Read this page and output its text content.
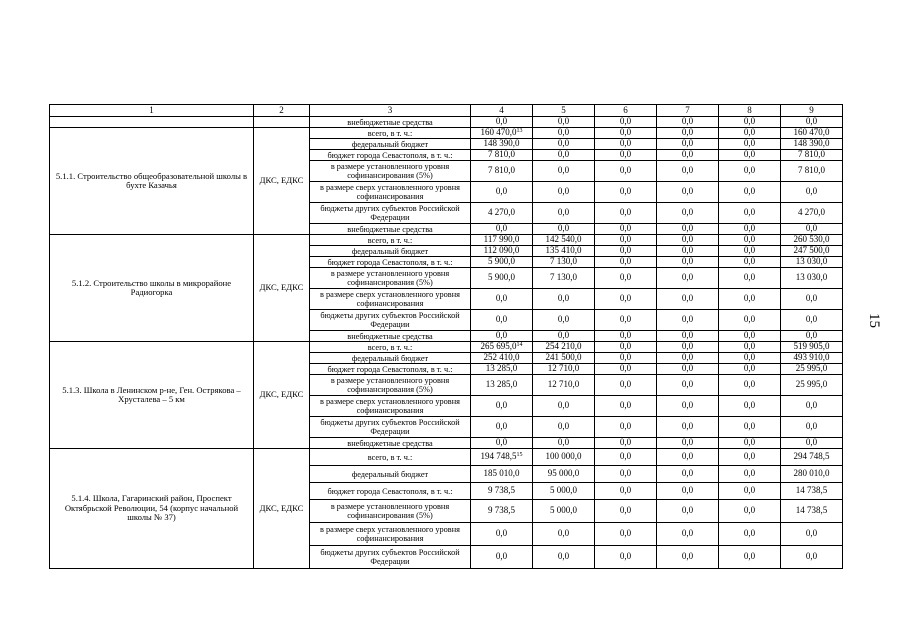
15
1	2	3	4	5	6	7	8	9
		внебюджетные средства	0,0	0,0	0,0	0,0	0,0	0,0
5.1.1. Строительство общеобразовательной школы в бухте Казачья	ДКС, ЕДКС	всего, в т. ч.:	160 470,0$^{13}$	0,0	0,0	0,0	0,0	160 470,0
		федеральный бюджет	148 390,0	0,0	0,0	0,0	0,0	148 390,0
		бюджет города Севастополя, в т. ч.:	7 810,0	0,0	0,0	0,0	0,0	7 810,0
		в размере установленного уровня софинансирования (5%)	7 810,0	0,0	0,0	0,0	0,0	7 810,0
		в размере сверх установленного уровня софинансирования	0,0	0,0	0,0	0,0	0,0	0,0
		бюджеты других субъектов Российской Федерации	4 270,0	0,0	0,0	0,0	0,0	4 270,0
		внебюджетные средства	0,0	0,0	0,0	0,0	0,0	0,0
5.1.2. Строительство школы в микрорайоне Радиогорка	ДКС, ЕДКС	всего, в т. ч.:	117 990,0	142 540,0	0,0	0,0	0,0	260 530,0
		федеральный бюджет	112 090,0	135 410,0	0,0	0,0	0,0	247 500,0
		бюджет города Севастополя, в т. ч.:	5 900,0	7 130,0	0,0	0,0	0,0	13 030,0
		в размере установленного уровня софинансирования (5%)	5 900,0	7 130,0	0,0	0,0	0,0	13 030,0
		в размере сверх установленного уровня софинансирования	0,0	0,0	0,0	0,0	0,0	0,0
		бюджеты других субъектов Российской Федерации	0,0	0,0	0,0	0,0	0,0	0,0
		внебюджетные средства	0,0	0,0	0,0	0,0	0,0	0,0
5.1.3. Школа в Ленинском р-не, Ген. Острякова – Хрусталева – 5 км	ДКС, ЕДКС	всего, в т. ч.:	265 695,0$^{14}$	254 210,0	0,0	0,0	0,0	519 905,0
		федеральный бюджет	252 410,0	241 500,0	0,0	0,0	0,0	493 910,0
		бюджет города Севастополя, в т. ч.:	13 285,0	12 710,0	0,0	0,0	0,0	25 995,0
		в размере установленного уровня софинансирования (5%)	13 285,0	12 710,0	0,0	0,0	0,0	25 995,0
		в размере сверх установленного уровня софинансирования	0,0	0,0	0,0	0,0	0,0	0,0
		бюджеты других субъектов Российской Федерации	0,0	0,0	0,0	0,0	0,0	0,0
		внебюджетные средства	0,0	0,0	0,0	0,0	0,0	0,0
5.1.4. Школа, Гагаринский район, Проспект Октябрьской Революции, 54 (корпус начальной школы № 37)	ДКС, ЕДКС	всего, в т. ч.:	194 748,5$^{15}$	100 000,0	0,0	0,0	0,0	294 748,5
		федеральный бюджет	185 010,0	95 000,0	0,0	0,0	0,0	280 010,0
		бюджет города Севастополя, в т. ч.:	9 738,5	5 000,0	0,0	0,0	0,0	14 738,5
		в размере установленного уровня софинансирования (5%)	9 738,5	5 000,0	0,0	0,0	0,0	14 738,5
		в размере сверх установленного уровня софинансирования	0,0	0,0	0,0	0,0	0,0	0,0
		бюджеты других субъектов Российской Федерации	0,0	0,0	0,0	0,0	0,0	0,0
